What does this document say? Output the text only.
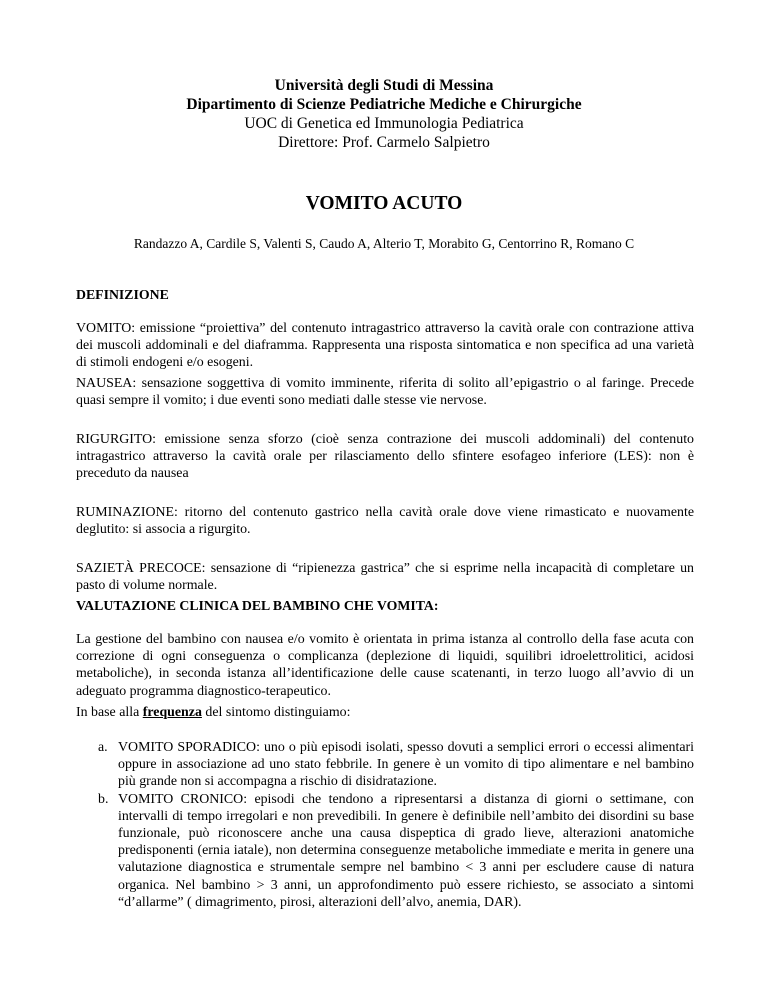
Università degli Studi di Messina
Dipartimento di Scienze Pediatriche Mediche e Chirurgiche
UOC di Genetica ed Immunologia Pediatrica
Direttore: Prof. Carmelo Salpietro
VOMITO ACUTO
Randazzo A, Cardile S, Valenti S, Caudo A, Alterio T, Morabito G, Centorrino R, Romano C
DEFINIZIONE
VOMITO: emissione “proiettiva” del contenuto intragastrico attraverso la cavità orale con contrazione attiva dei muscoli addominali e del diaframma. Rappresenta una risposta sintomatica e non specifica ad una varietà di stimoli endogeni e/o esogeni.
NAUSEA: sensazione soggettiva di vomito imminente, riferita di solito all’epigastrio o al faringe. Precede quasi sempre il vomito; i due eventi sono mediati dalle stesse vie nervose.
RIGURGITO: emissione senza sforzo (cioè senza contrazione dei muscoli addominali) del contenuto intragastrico attraverso la cavità orale per rilasciamento dello sfintere esofageo inferiore (LES): non è preceduto da nausea
RUMINAZIONE: ritorno del contenuto gastrico nella cavità orale dove viene rimasticato e nuovamente deglutito: si associa a rigurgito.
SAZIETÀ PRECOCE: sensazione di “ripienezza gastrica” che si esprime nella incapacità di completare un pasto di volume normale.
VALUTAZIONE CLINICA DEL BAMBINO CHE VOMITA:
La gestione del bambino con nausea e/o vomito è orientata in prima istanza al controllo della fase acuta con correzione di ogni conseguenza o complicanza (deplezione di liquidi, squilibri idroelettrolitici, acidosi metaboliche), in seconda istanza all’identificazione delle cause scatenanti, in terzo luogo all’avvio di un adeguato programma diagnostico-terapeutico.
In base alla frequenza del sintomo distinguiamo:
a. VOMITO SPORADICO: uno o più episodi isolati, spesso dovuti a semplici errori o eccessi alimentari oppure in associazione ad uno stato febbrile. In genere è un vomito di tipo alimentare e nel bambino più grande non si accompagna a rischio di disidratazione.
b. VOMITO CRONICO: episodi che tendono a ripresentarsi a distanza di giorni o settimane, con intervalli di tempo irregolari e non prevedibili. In genere è definibile nell’ambito dei disordini su base funzionale, può riconoscere anche una causa dispeptica di grado lieve, alterazioni anatomiche predisponenti (ernia iatale), non determina conseguenze metaboliche immediate e merita in genere una valutazione diagnostica e strumentale sempre nel bambino < 3 anni per escludere cause di natura organica. Nel bambino > 3 anni, un approfondimento può essere richiesto, se associato a sintomi “d’allarme” ( dimagrimento, pirosi, alterazioni dell’alvo, anemia, DAR).
